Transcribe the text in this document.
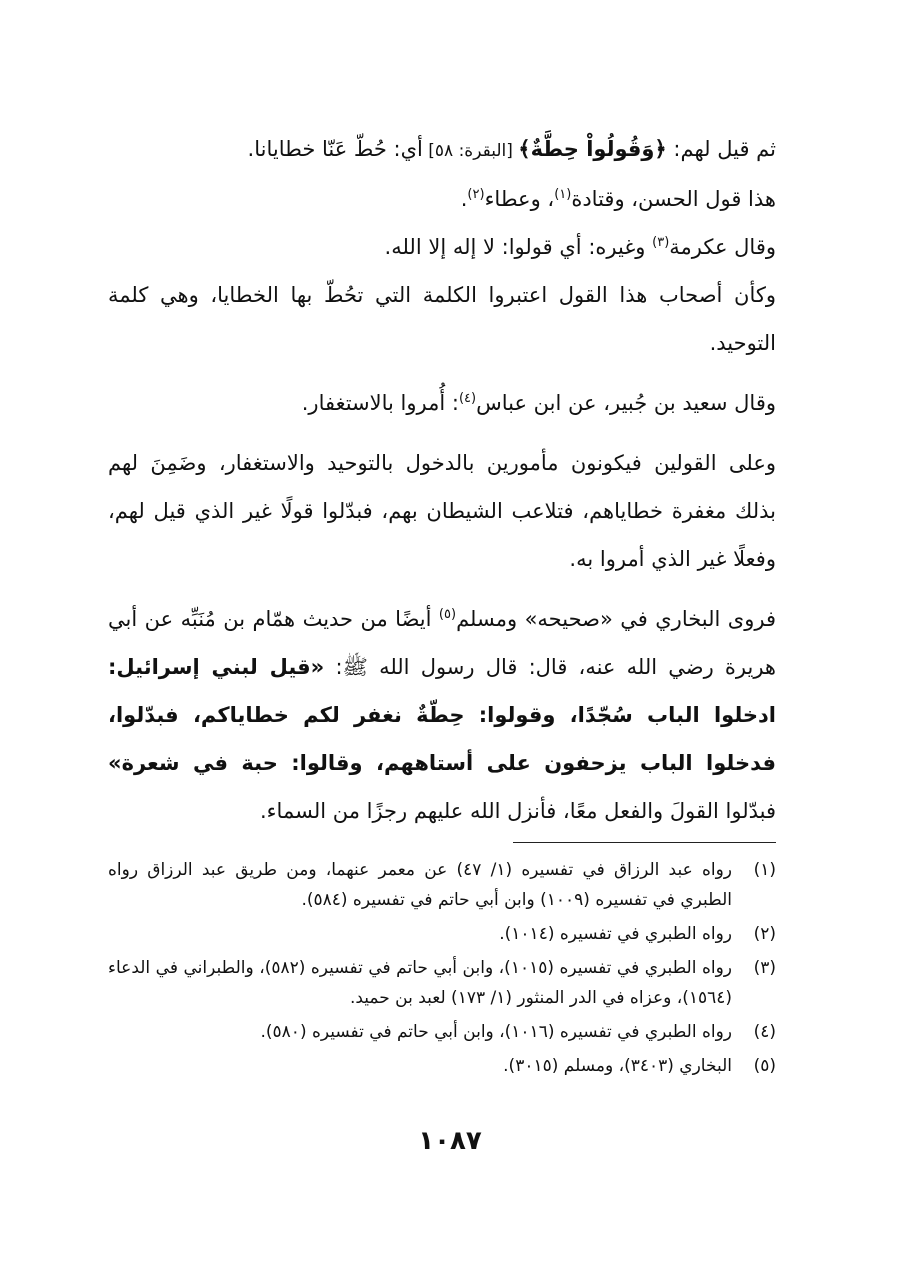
ثم قيل لهم: ﴿وَقُولُواْ حِطَّةٌ﴾ [البقرة: ٥٨] أي: حُطّ عَنّا خطايانا.

هذا قول الحسن، وقتادة$^{(١)}$، وعطاء$^{(٢)}$.

وقال عكرمة$^{(٣)}$ وغيره: أي قولوا: لا إله إلا الله.

وكأن أصحاب هذا القول اعتبروا الكلمة التي تحُطّ بها الخطايا، وهي كلمة التوحيد.

وقال سعيد بن جُبير، عن ابن عباس$^{(٤)}$: أُمروا بالاستغفار.

وعلى القولين فيكونون مأمورين بالدخول بالتوحيد والاستغفار، وضَمِنَ لهم بذلك مغفرة خطاياهم، فتلاعب الشيطان بهم، فبدّلوا قولًا غير الذي قيل لهم، وفعلًا غير الذي أمروا به.

فروى البخاري في «صحيحه» ومسلم$^{(٥)}$ أيضًا من حديث همّام بن مُنَبِّه عن أبي هريرة رضي الله عنه، قال: قال رسول الله ﷺ: «قيل لبني إسرائيل: ادخلوا الباب سُجّدًا، وقولوا: حِطّةٌ نغفر لكم خطاياكم، فبدّلوا، فدخلوا الباب يزحفون على أستاههم، وقالوا: حبة في شعرة» فبدّلوا القولَ والفعل معًا، فأنزل الله عليهم رجزًا من السماء.

(١)
رواه عبد الرزاق في تفسيره (١/ ٤٧) عن معمر عنهما، ومن طريق عبد الرزاق رواه الطبري في تفسيره (١٠٠٩) وابن أبي حاتم في تفسيره (٥٨٤).

(٢)
رواه الطبري في تفسيره (١٠١٤).

(٣)
رواه الطبري في تفسيره (١٠١٥)، وابن أبي حاتم في تفسيره (٥٨٢)، والطبراني في الدعاء (١٥٦٤)، وعزاه في الدر المنثور (١/ ١٧٣) لعبد بن حميد.

(٤)
رواه الطبري في تفسيره (١٠١٦)، وابن أبي حاتم في تفسيره (٥٨٠).

(٥)
البخاري (٣٤٠٣)، ومسلم (٣٠١٥).

١٠٨٧
